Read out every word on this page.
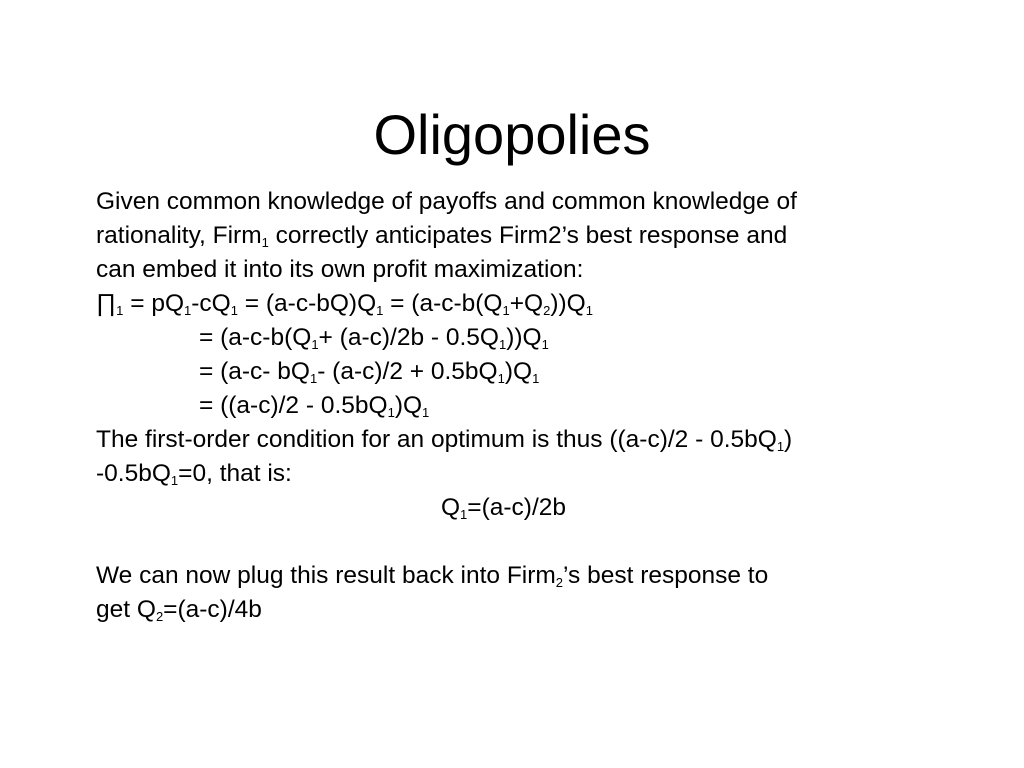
Oligopolies
Given common knowledge of payoffs and common knowledge of
rationality, Firm$_1$ correctly anticipates Firm2’s best response and
can embed it into its own profit maximization:
$\prod_1 = pQ_1-cQ_1 = (a-c-bQ)Q_1 = (a-c-b(Q_1+Q_2))Q_1$
= $(a-c-b(Q_1+ (a-c)/2b - 0.5Q_1))Q_1$
= (a-c- $bQ_1-$ $(a-c)/2 + 0.5bQ_1)Q_1$
= $((a-c)/2 - 0.5bQ_1)Q_1$
The first-order condition for an optimum is thus $((a-c)/2 - 0.5bQ_1)$
$-0.5bQ_1=0$, that is:
$Q_1=(a-c)/2b$
We can now plug this result back into Firm$_2$’s best response to
get $Q_2=(a-c)/4b$
